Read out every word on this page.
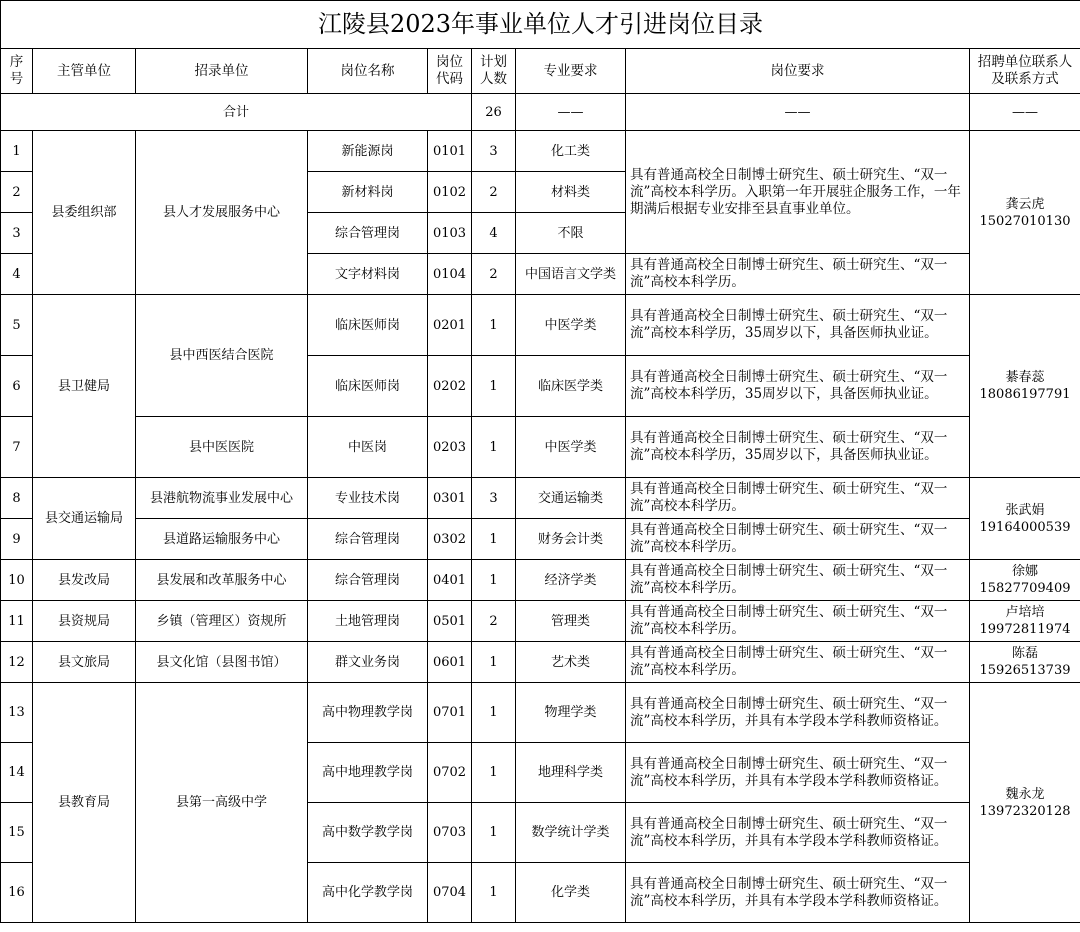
江陵县2023年事业单位人才引进岗位目录								
序号	主管单位	招录单位	岗位名称	岗位代码	计划人数	专业要求	岗位要求	招聘单位联系人及联系方式
合计					26	——	——	——
1	县委组织部	县人才发展服务中心	新能源岗	0101	3	化工类	具有普通高校全日制博士研究生、硕士研究生、“双一流”高校本科学历。入职第一年开展驻企服务工作，一年期满后根据专业安排至县直事业单位。	龚云虎
15027010130

2			新材料岗	0102	2	材料类		
3			综合管理岗	0103	4	不限		
4			文字材料岗	0104	2	中国语言文学类	具有普通高校全日制博士研究生、硕士研究生、“双一流”高校本科学历。	
5	县卫健局	县中西医结合医院	临床医师岗	0201	1	中医学类	具有普通高校全日制博士研究生、硕士研究生、“双一流”高校本科学历，35周岁以下，具备医师执业证。	綦春蕊
18086197791

6			临床医师岗	0202	1	临床医学类	具有普通高校全日制博士研究生、硕士研究生、“双一流”高校本科学历，35周岁以下，具备医师执业证。	
7		县中医医院	中医岗	0203	1	中医学类	具有普通高校全日制博士研究生、硕士研究生、“双一流”高校本科学历，35周岁以下，具备医师执业证。	
8	县交通运输局	县港航物流事业发展中心	专业技术岗	0301	3	交通运输类	具有普通高校全日制博士研究生、硕士研究生、“双一流”高校本科学历。	张武娟
19164000539

9		县道路运输服务中心	综合管理岗	0302	1	财务会计类	具有普通高校全日制博士研究生、硕士研究生、“双一流”高校本科学历。	
10	县发改局	县发展和改革服务中心	综合管理岗	0401	1	经济学类	具有普通高校全日制博士研究生、硕士研究生、“双一流”高校本科学历。	徐娜
15827709409

11	县资规局	乡镇（管理区）资规所	土地管理岗	0501	2	管理类	具有普通高校全日制博士研究生、硕士研究生、“双一流”高校本科学历。	卢培培
19972811974

12	县文旅局	县文化馆（县图书馆）	群文业务岗	0601	1	艺术类	具有普通高校全日制博士研究生、硕士研究生、“双一流”高校本科学历。	陈磊
15926513739

13	县教育局	县第一高级中学	高中物理教学岗	0701	1	物理学类	具有普通高校全日制博士研究生、硕士研究生、“双一流”高校本科学历，并具有本学段本学科教师资格证。	魏永龙
13972320128

14			高中地理教学岗	0702	1	地理科学类	具有普通高校全日制博士研究生、硕士研究生、“双一流”高校本科学历，并具有本学段本学科教师资格证。	
15			高中数学教学岗	0703	1	数学统计学类	具有普通高校全日制博士研究生、硕士研究生、“双一流”高校本科学历，并具有本学段本学科教师资格证。	
16			高中化学教学岗	0704	1	化学类	具有普通高校全日制博士研究生、硕士研究生、“双一流”高校本科学历，并具有本学段本学科教师资格证。	
